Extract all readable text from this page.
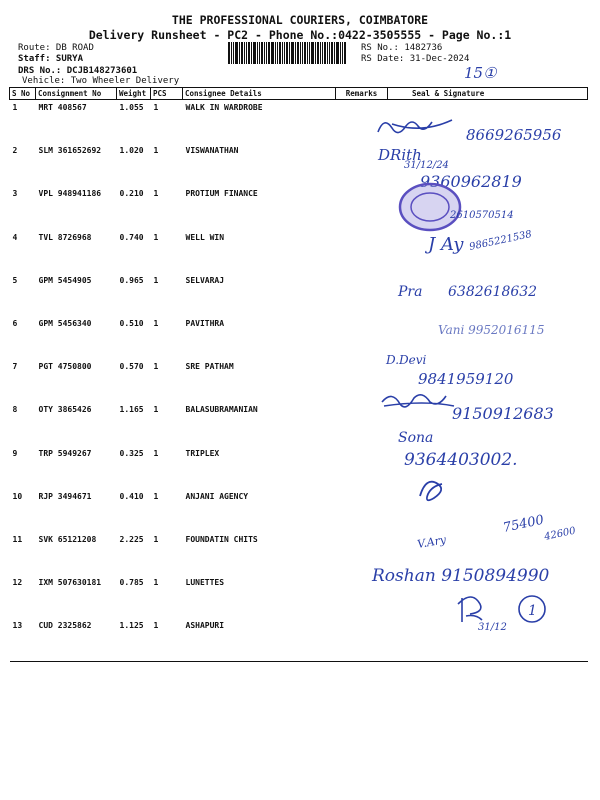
THE PROFESSIONAL COURIERS, COIMBATORE
Delivery Runsheet - PC2 - Phone No.:0422-3505555 - Page No.:1
Route: DB ROAD
Staff: SURYA
DRS No.: DCJB148273601
Vehicle: Two Wheeler Delivery
RS No.: 1482736
RS Date: 31-Dec-2024
S No	Consignment No	Weight	PCS	Consignee Details	Remarks	Seal & Signature
1	MRT 408567	1.055	1	WALK IN WARDROBE		
2	SLM 361652692	1.020	1	VISWANATHAN		
3	VPL 948941186	0.210	1	PROTIUM FINANCE		
4	TVL 8726968	0.740	1	WELL WIN		
5	GPM 5454905	0.965	1	SELVARAJ		
6	GPM 5456340	0.510	1	PAVITHRA		
7	PGT 4750800	0.570	1	SRE PATHAM		
8	OTY 3865426	1.165	1	BALASUBRAMANIAN		
9	TRP 5949267	0.325	1	TRIPLEX		
10	RJP 3494671	0.410	1	ANJANI AGENCY		
11	SVK 65121208	2.225	1	FOUNDATIN CHITS		
12	IXM 507630181	0.785	1	LUNETTES		
13	CUD 2325862	1.125	1	ASHAPURI		
15①
8669265956
DRith
31/12/24
9360962819
2610570514
J Ay 9865221538
Pra 6382618632
Vani 9952016115
D.Devi
9841959120
9150912683
Sona
9364403002.
V.Ary
75400
42600
Roshan 9150894990
31/12
1
